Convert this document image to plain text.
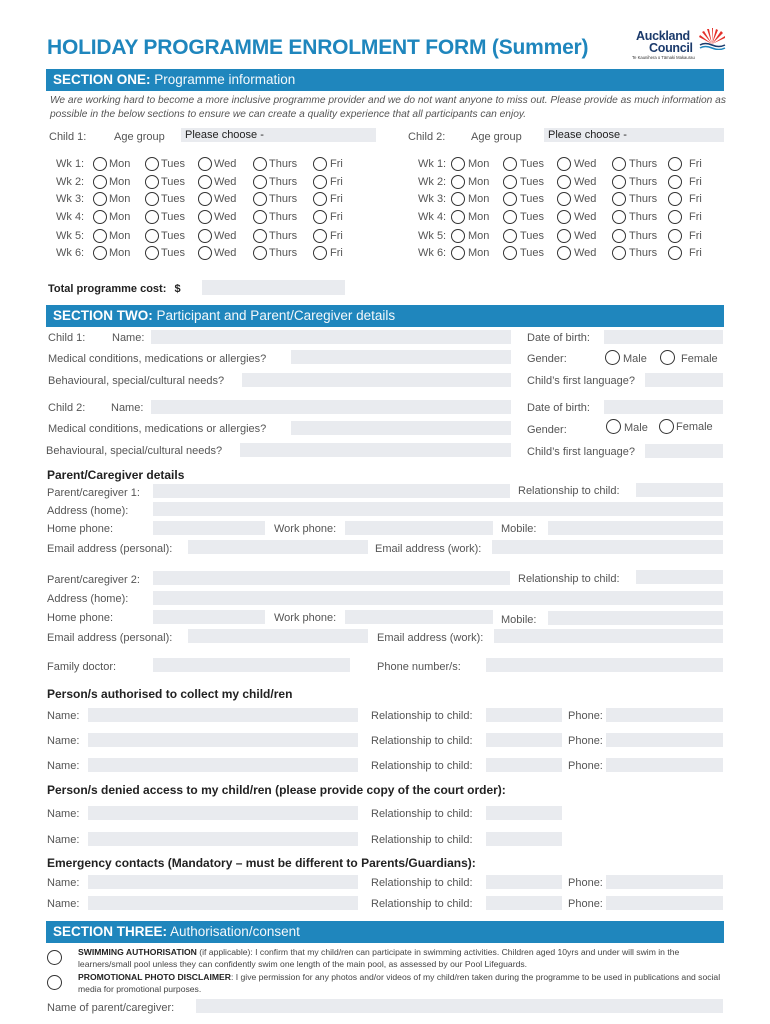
HOLIDAY PROGRAMME ENROLMENT FORM (Summer)	Auckland
Council
Te Kaunihera o Tāmaki Makaurau
SECTION ONE: Programme information
We are working hard to become a more inclusive programme provider and we do not want anyone to miss out. Please provide as much information as possible in the below sections to ensure we can create a quality experience that all participants can enjoy.
Child 1:	Age group	Please choose -	Child 2: Age group	Please choose -
Wk 1: Mon	Tues	Wed	Thurs	Fri
Wk 2: Mon	Tues	Wed	Thurs	Fri
Wk 3: Mon	Tues	Wed	Thurs	Fri
Wk 4: Mon	Tues	Wed	Thurs	Fri
Wk 5: Mon	Tues	Wed	Thurs	Fri
Wk 6: Mon	Tues	Wed	Thurs	Fri
Wk 1: Mon	Tues	Wed	Thurs	Fri
Wk 2: Mon	Tues	Wed	Thurs	Fri
Wk 3: Mon	Tues	Wed	Thurs	Fri
Wk 4: Mon	Tues	Wed	Thurs	Fri
Wk 5: Mon	Tues	Wed	Thurs	Fri
Wk 6: Mon	Tues	Wed	Thurs	Fri
Total programme cost: $
SECTION TWO: Participant and Parent/Caregiver details
Child 1: Name:	Date of birth:
Medical conditions, medications or allergies?	Gender:	Male	Female
Behavioural, special/cultural needs?	Child’s first language?
Child 2: Name:	Date of birth:
Medical conditions, medications or allergies?	Gender:	Male	Female
Behavioural, special/cultural needs?	Child’s first language?
Parent/Caregiver details
Parent/caregiver 1:	Relationship to child:
Address (home):
Home phone:	Work phone:	Mobile:
Email address (personal):	Email address (work):
Parent/caregiver 2:	Relationship to child:
Address (home):
Home phone:	Work phone:	Mobile:
Email address (personal):	Email address (work):
Family doctor:	Phone number/s:
Person/s authorised to collect my child/ren
Name:	Relationship to child:	Phone:
Name:	Relationship to child:	Phone:
Name:	Relationship to child:	Phone:
Person/s denied access to my child/ren (please provide copy of the court order):
Name:	Relationship to child:
Name:	Relationship to child:
Emergency contacts (Mandatory – must be different to Parents/Guardians):
Name:	Relationship to child:	Phone:
Name:	Relationship to child:	Phone:
SECTION THREE: Authorisation/consent
SWIMMING AUTHORISATION (if applicable): I confirm that my child/ren can participate in swimming activities. Children aged 10yrs and under will swim in the learners/small pool unless they can confidently swim one length of the main pool, as assessed by our Pool Lifeguards.
PROMOTIONAL PHOTO DISCLAIMER: I give permission for any photos and/or videos of my child/ren taken during the programme to be used in publications and social media for promotional purposes.
Name of parent/caregiver:
